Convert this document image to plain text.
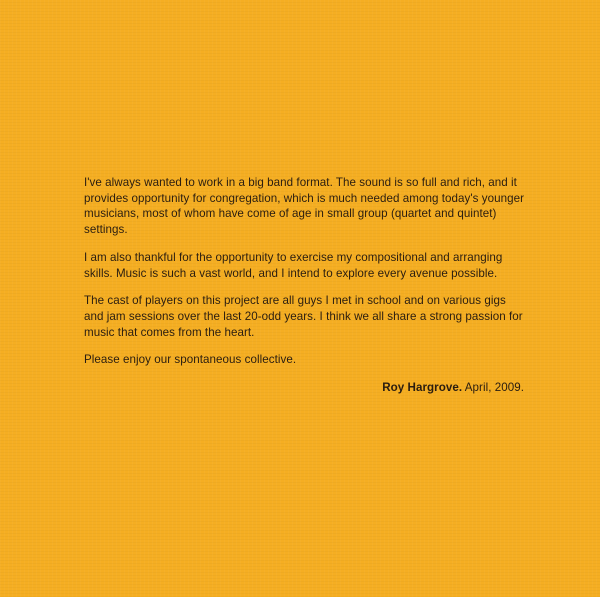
I've always wanted to work in a big band format. The sound is so full and rich, and it provides opportunity for congregation, which is much needed among today's younger musicians, most of whom have come of age in small group (quartet and quintet) settings.

I am also thankful for the opportunity to exercise my compositional and arranging skills. Music is such a vast world, and I intend to explore every avenue possible.

The cast of players on this project are all guys I met in school and on various gigs and jam sessions over the last 20-odd years. I think we all share a strong passion for music that comes from the heart.

Please enjoy our spontaneous collective.

Roy Hargrove. April, 2009.
